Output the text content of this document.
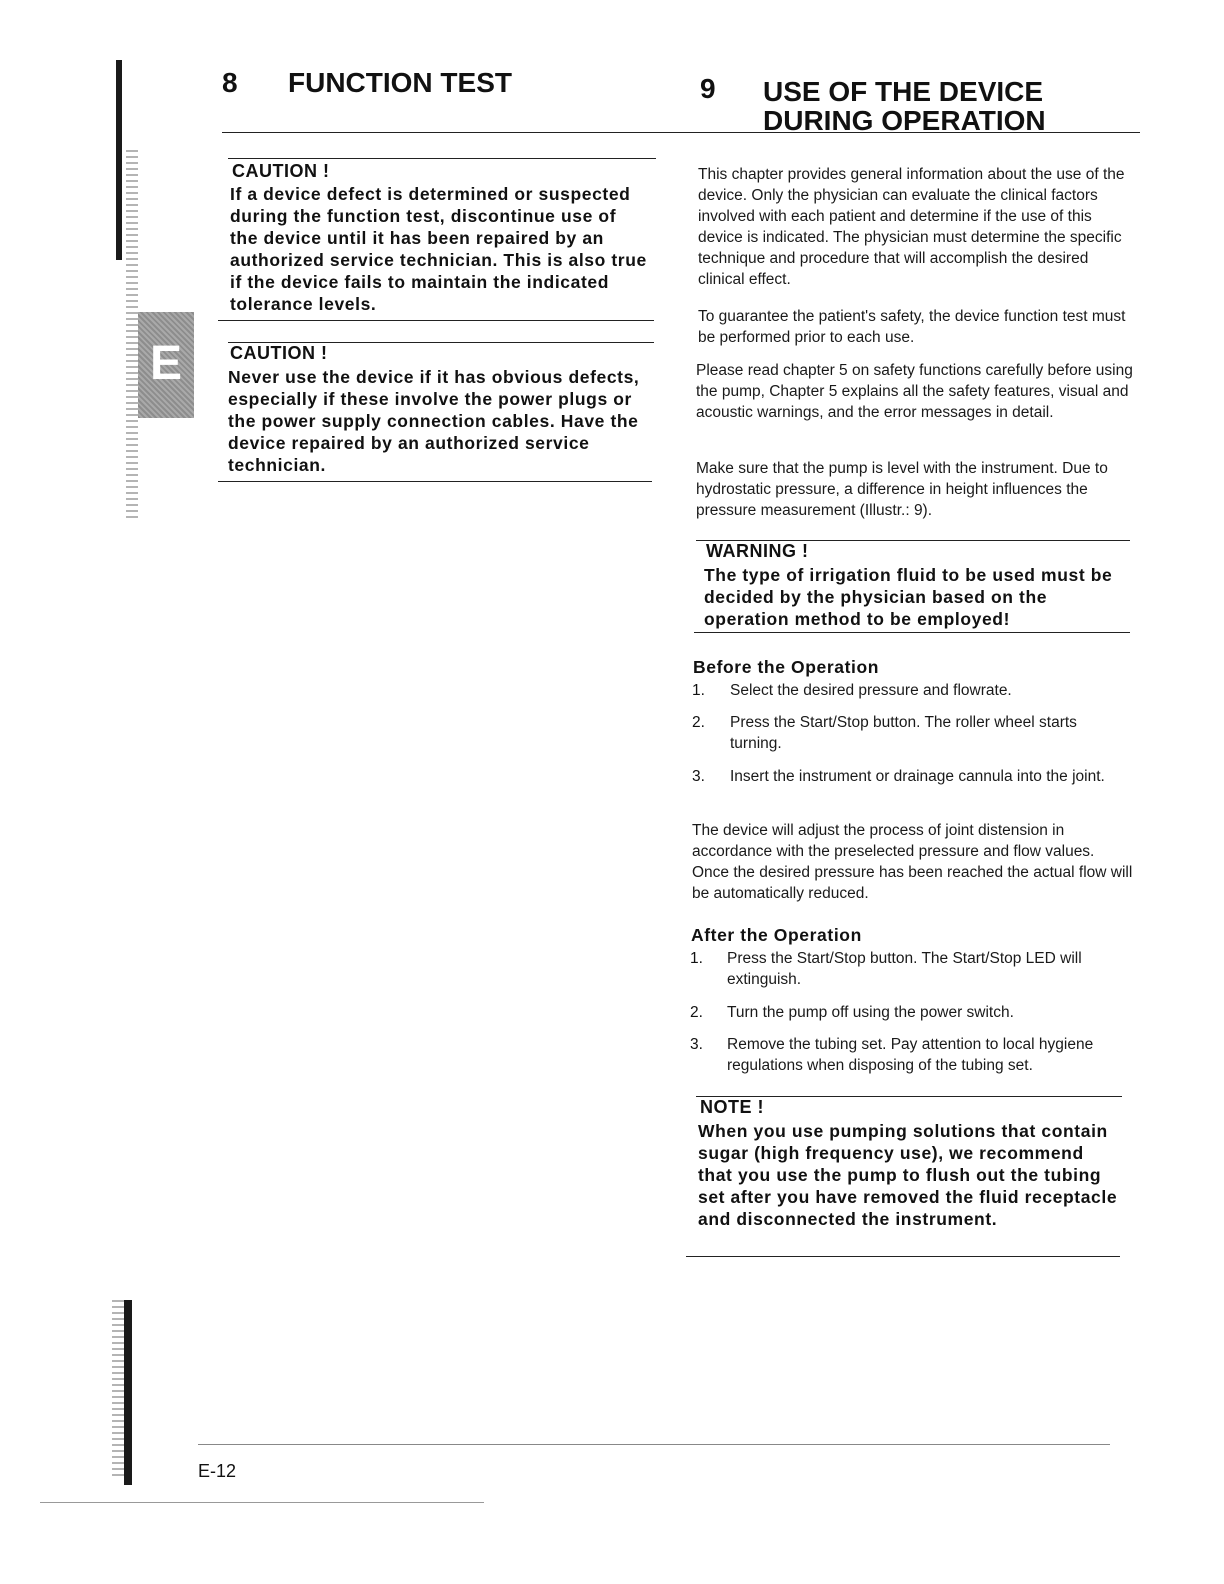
E
8 FUNCTION TEST

CAUTION !

If a device defect is determined or suspected during the function test, discontinue use of the device until it has been repaired by an authorized service technician. This is also true if the device fails to maintain the indicated tolerance levels.

CAUTION !

Never use the device if it has obvious defects, especially if these involve the power plugs or the power supply connection cables. Have the device repaired by an authorized service technician.

9 USE OF THE DEVICE
DURING OPERATION

This chapter provides general information about the use of the device. Only the physician can evaluate the clinical factors involved with each patient and determine if the use of this device is indicated. The physician must determine the specific technique and procedure that will accomplish the desired clinical effect.

To guarantee the patient's safety, the device function test must be performed prior to each use.

Please read chapter 5 on safety functions carefully before using the pump, Chapter 5 explains all the safety features, visual and acoustic warnings, and the error messages in detail.

Make sure that the pump is level with the instrument. Due to hydrostatic pressure, a difference in height influences the pressure measurement (Illustr.: 9).

WARNING !

The type of irrigation fluid to be used must be decided by the physician based on the operation method to be employed!

Before the Operation

1. Select the desired pressure and flowrate.

2. Press the Start/Stop button. The roller wheel starts turning.

3. Insert the instrument or drainage cannula into the joint.

The device will adjust the process of joint distension in accordance with the preselected pressure and flow values. Once the desired pressure has been reached the actual flow will be automatically reduced.

After the Operation

1. Press the Start/Stop button. The Start/Stop LED will extinguish.

2. Turn the pump off using the power switch.

3. Remove the tubing set. Pay attention to local hygiene regulations when disposing of the tubing set.

NOTE !

When you use pumping solutions that contain sugar (high frequency use), we recommend that you use the pump to flush out the tubing set after you have removed the fluid receptacle and disconnected the instrument.

E-12
